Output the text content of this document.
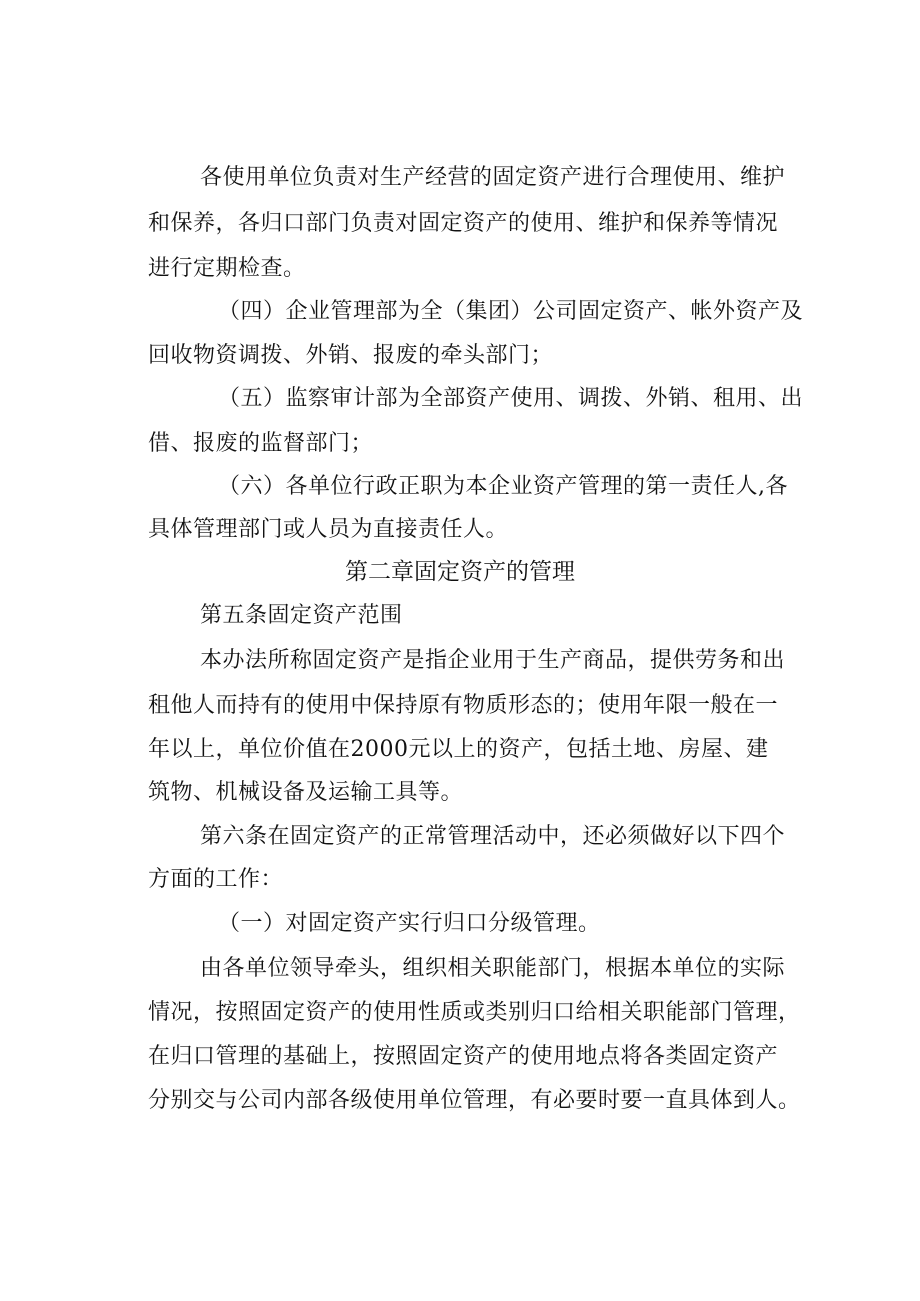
各使用单位负责对生产经营的固定资产进行合理使用、维护
和保养，各归口部门负责对固定资产的使用、维护和保养等情况
进行定期检查。
（四）企业管理部为全（集团）公司固定资产、帐外资产及
回收物资调拨、外销、报废的牵头部门；
（五）监察审计部为全部资产使用、调拨、外销、租用、出
借、报废的监督部门；
（六）各单位行政正职为本企业资产管理的第一责任人,各
具体管理部门或人员为直接责任人。
第二章固定资产的管理
第五条固定资产范围
本办法所称固定资产是指企业用于生产商品，提供劳务和出
租他人而持有的使用中保持原有物质形态的；使用年限一般在一
年以上，单位价值在2000元以上的资产，包括土地、房屋、建
筑物、机械设备及运输工具等。
第六条在固定资产的正常管理活动中，还必须做好以下四个
方面的工作：
（一）对固定资产实行归口分级管理。
由各单位领导牵头，组织相关职能部门，根据本单位的实际
情况，按照固定资产的使用性质或类别归口给相关职能部门管理，
在归口管理的基础上，按照固定资产的使用地点将各类固定资产
分别交与公司内部各级使用单位管理，有必要时要一直具体到人。
